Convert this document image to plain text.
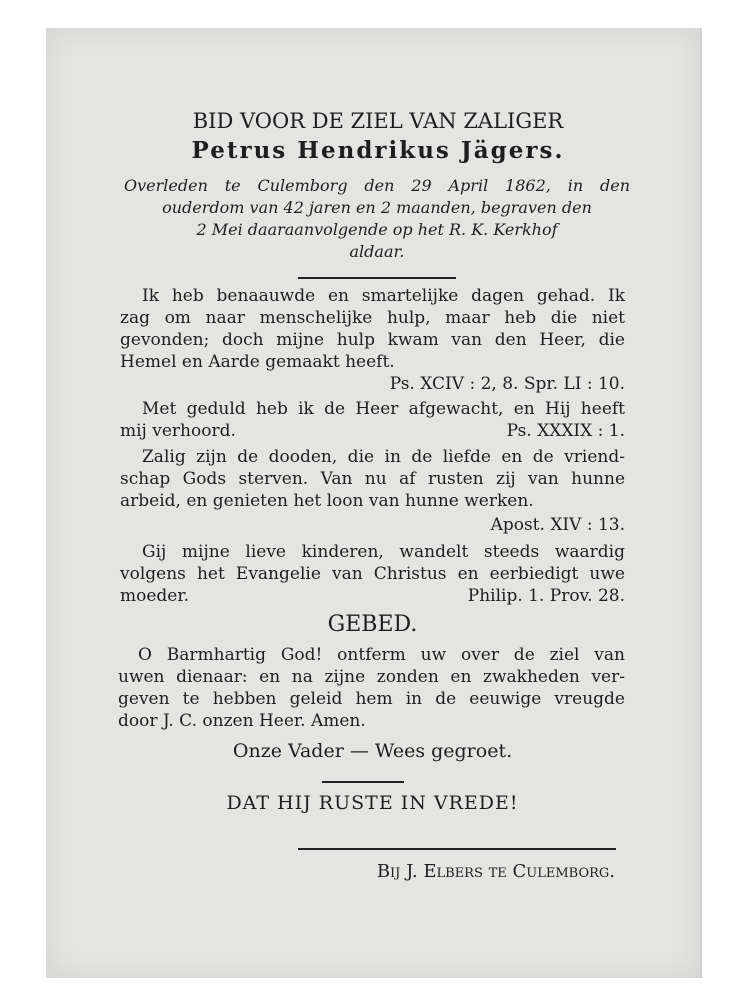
BID VOOR DE ZIEL VAN ZALIGER
Petrus Hendrikus Jägers.
Overleden te Culemborg den 29 April 1862, in den
ouderdom van 42 jaren en 2 maanden, begraven den
2 Mei daaraanvolgende op het R. K. Kerkhof
aldaar.
Ik heb benaauwde en smartelijke dagen gehad. Ik
zag om naar menschelijke hulp, maar heb die niet
gevonden; doch mijne hulp kwam van den Heer, die
Hemel en Aarde gemaakt heeft.
Ps. XCIV : 2, 8. Spr. LI : 10.
Met geduld heb ik de Heer afgewacht, en Hij heeft
mij verhoord.	Ps. XXXIX : 1.
Zalig zijn de dooden, die in de liefde en de vriend-
schap Gods sterven. Van nu af rusten zij van hunne
arbeid, en genieten het loon van hunne werken.
Apost. XIV : 13.
Gij mijne lieve kinderen, wandelt steeds waardig
volgens het Evangelie van Christus en eerbiedigt uwe
moeder.	Philip. 1. Prov. 28.
GEBED.
O Barmhartig God! ontferm uw over de ziel van
uwen dienaar: en na zijne zonden en zwakheden ver-
geven te hebben geleid hem in de eeuwige vreugde
door J. C. onzen Heer. Amen.
Onze Vader — Wees gegroet.
DAT HIJ RUSTE IN VREDE!
Bij J. Elbers te Culemborg.
